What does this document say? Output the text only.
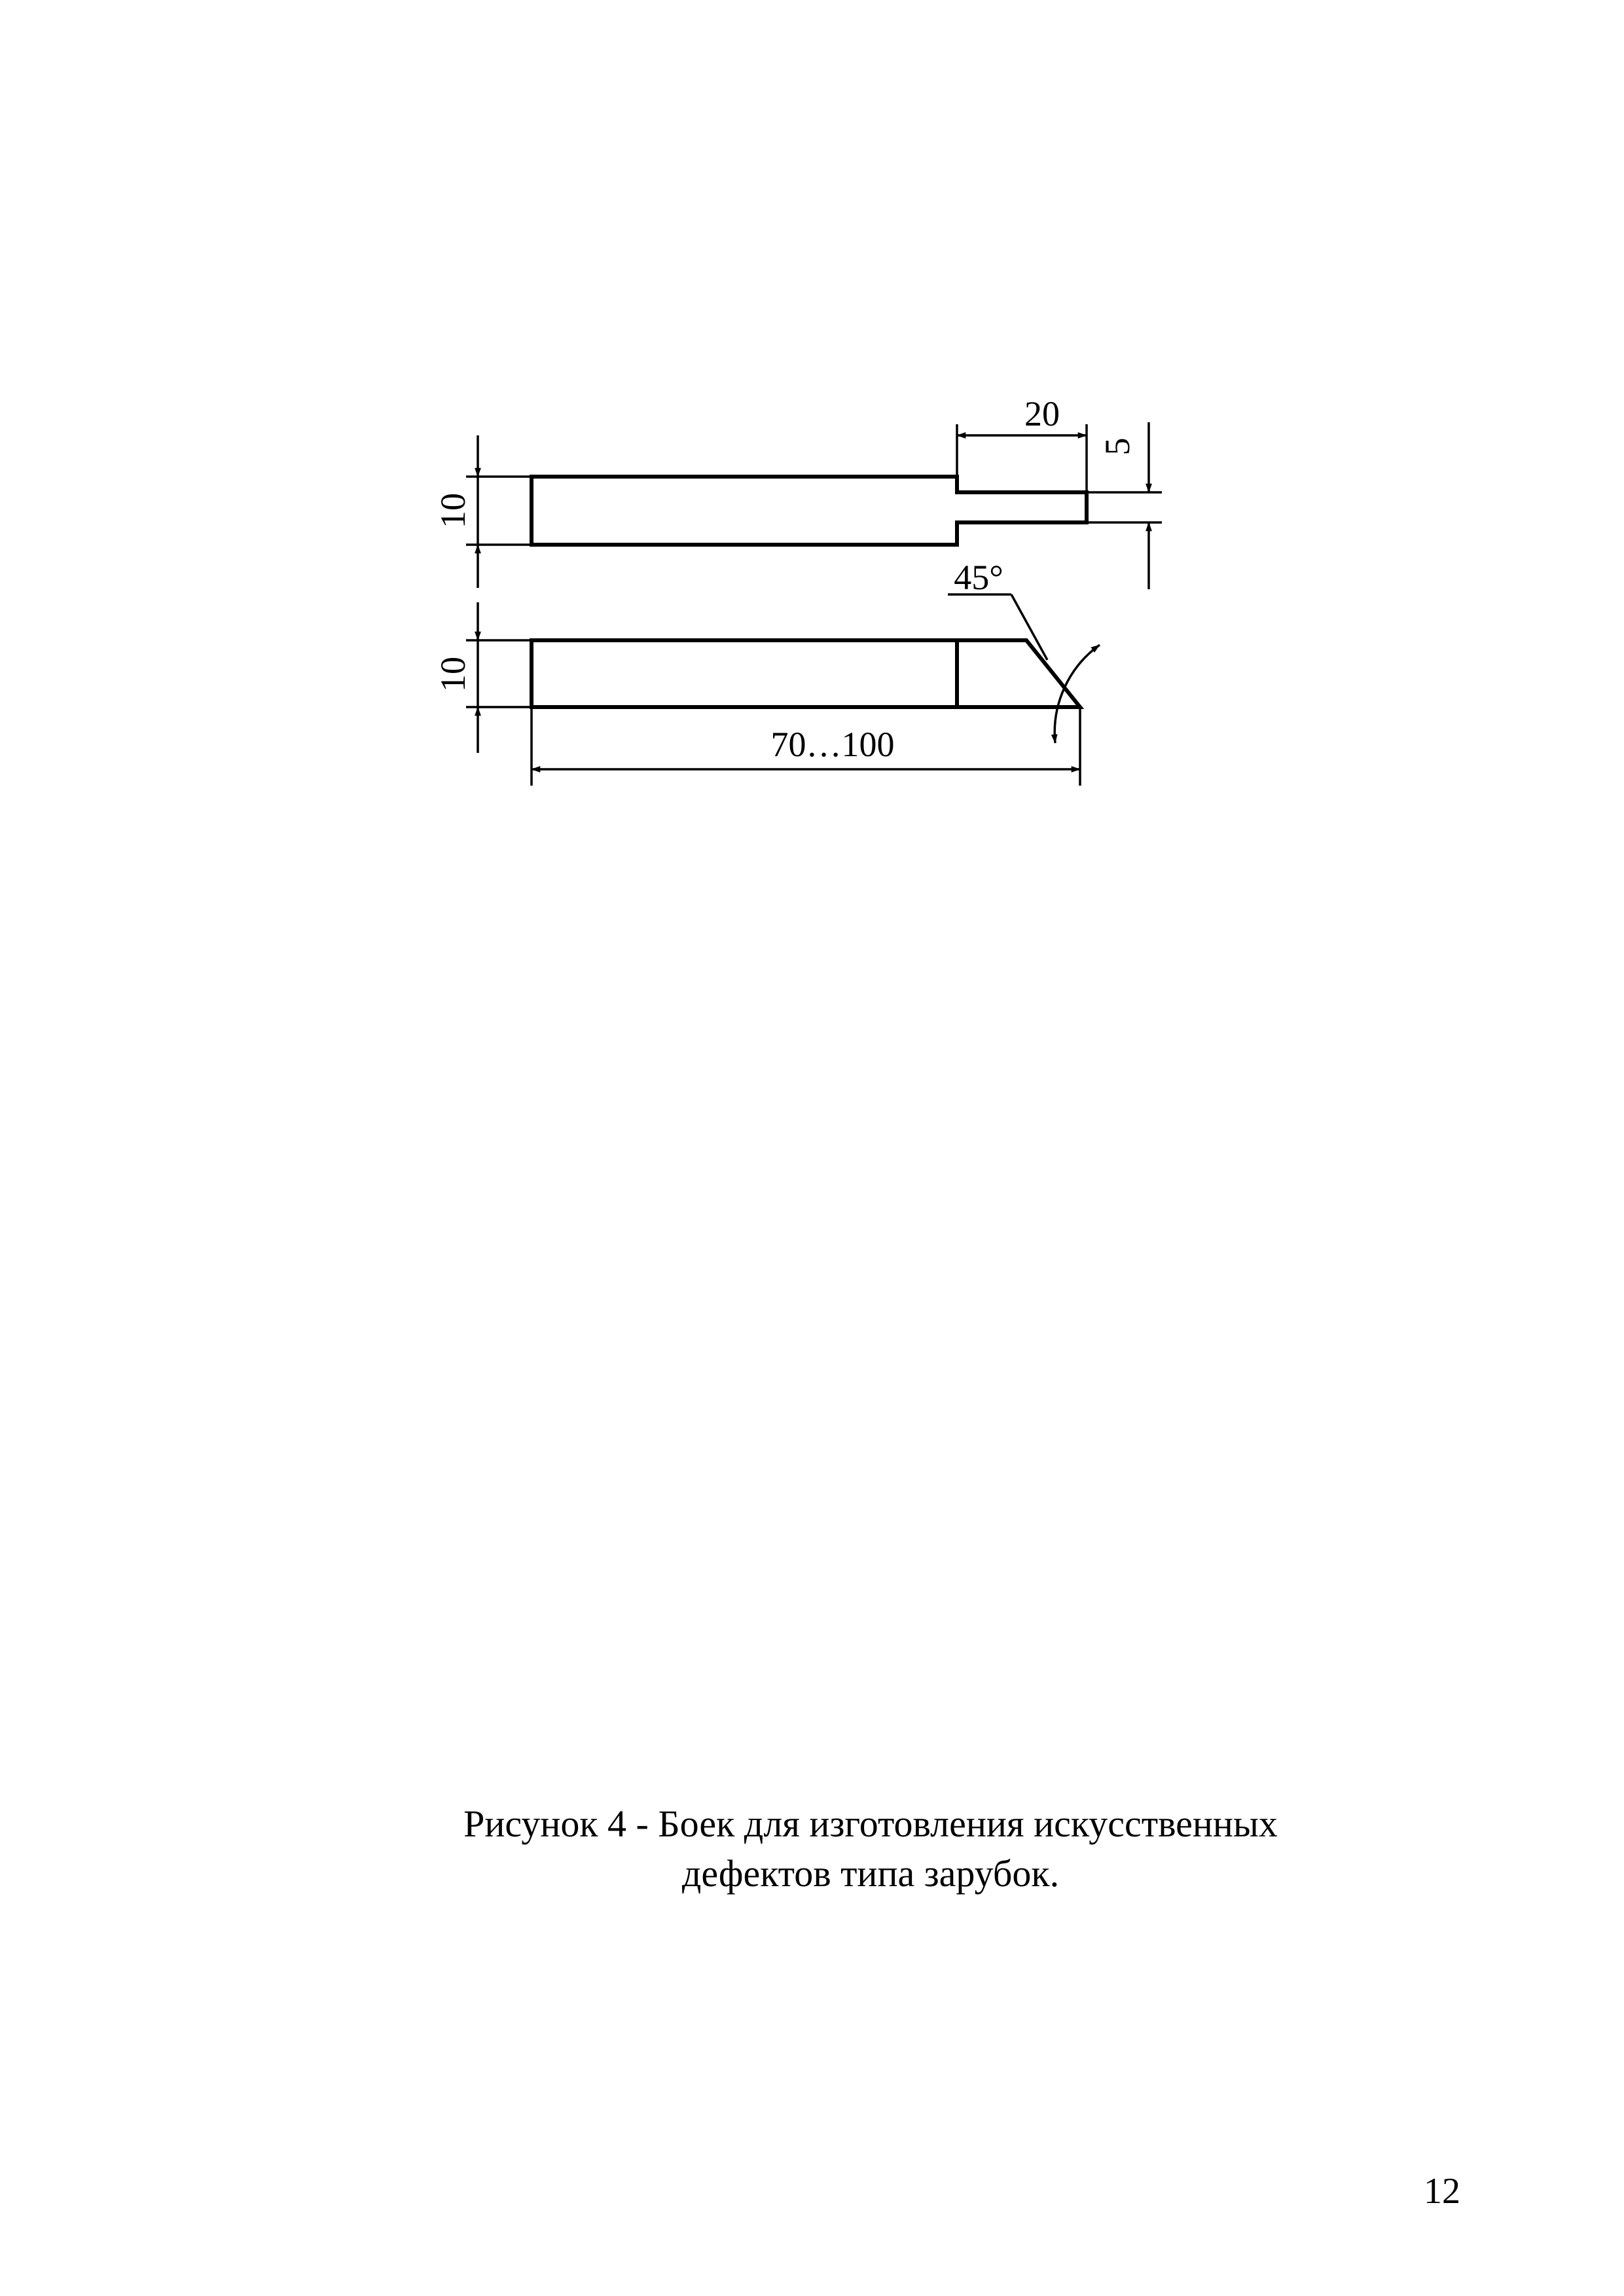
10
10
20
5
45°
70…100
Рисунок 4 - Боек для изготовления искусственных
дефектов типа зарубок.
12
